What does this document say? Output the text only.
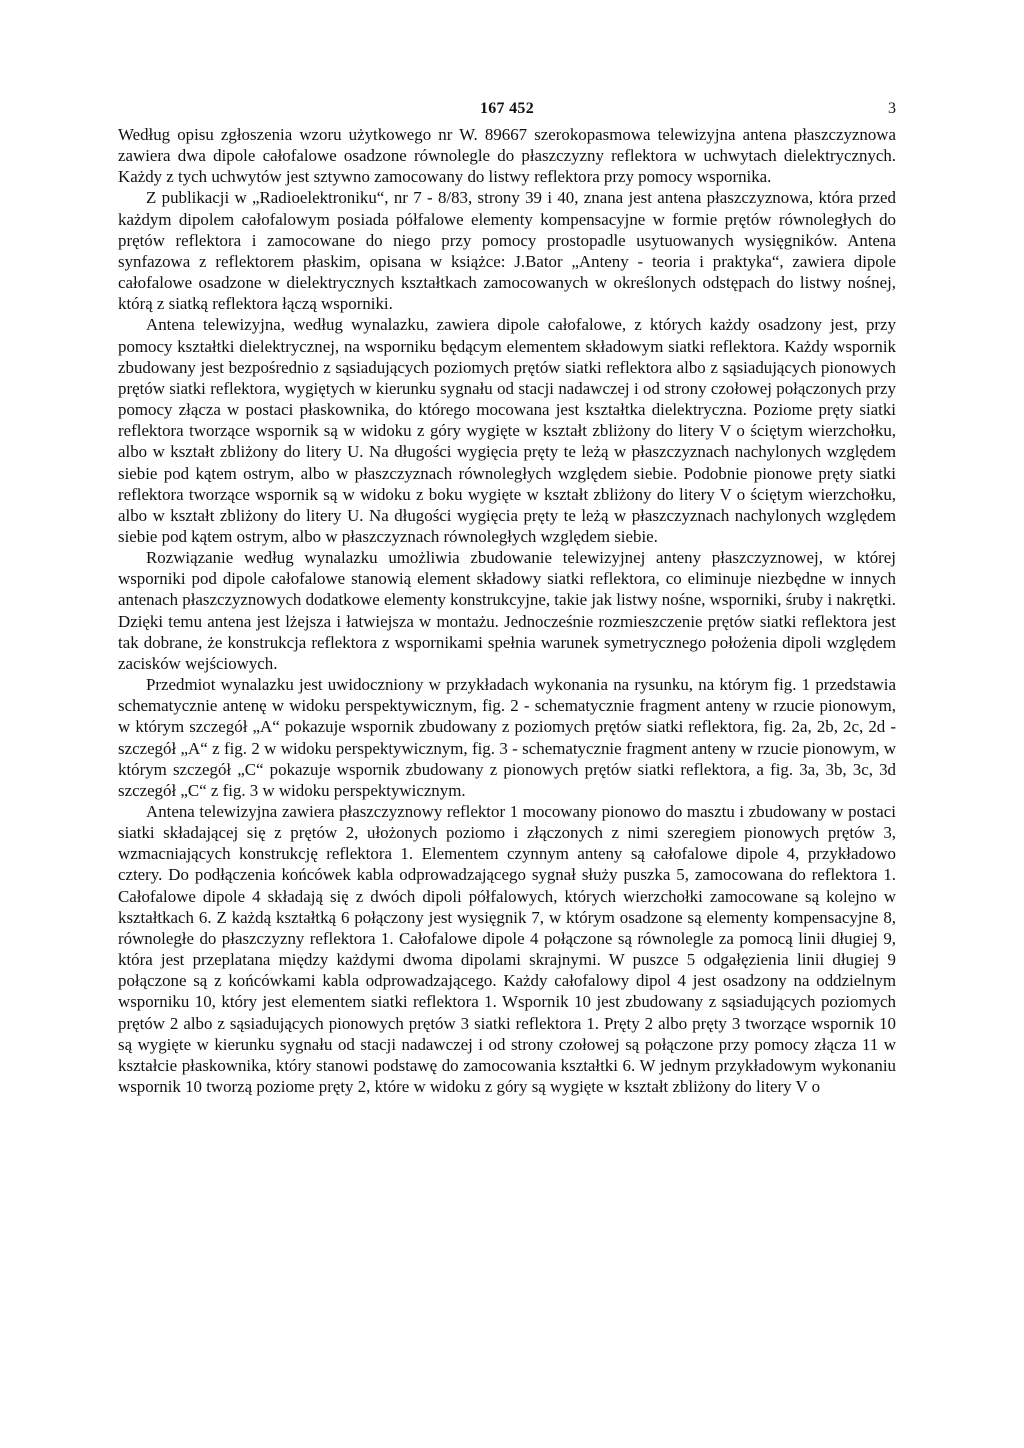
167 452	3

Według opisu zgłoszenia wzoru użytkowego nr W. 89667 szerokopasmowa telewizyjna antena płaszczyznowa zawiera dwa dipole całofalowe osadzone równolegle do płaszczyzny reflektora w uchwytach dielektrycznych. Każdy z tych uchwytów jest sztywno zamocowany do listwy reflektora przy pomocy wspornika.

Z publikacji w „Radioelektroniku“, nr 7 - 8/83, strony 39 i 40, znana jest antena płaszczyznowa, która przed każdym dipolem całofalowym posiada półfalowe elementy kompensacyjne w formie prętów równoległych do prętów reflektora i zamocowane do niego przy pomocy prostopadle usytuowanych wysięgników. Antena synfazowa z reflektorem płaskim, opisana w książce: J.Bator „Anteny - teoria i praktyka“, zawiera dipole całofalowe osadzone w dielektrycznych kształtkach zamocowanych w określonych odstępach do listwy nośnej, którą z siatką reflektora łączą wsporniki.

Antena telewizyjna, według wynalazku, zawiera dipole całofalowe, z których każdy osadzony jest, przy pomocy kształtki dielektrycznej, na wsporniku będącym elementem składowym siatki reflektora. Każdy wspornik zbudowany jest bezpośrednio z sąsiadujących poziomych prętów siatki reflektora albo z sąsiadujących pionowych prętów siatki reflektora, wygiętych w kierunku sygnału od stacji nadawczej i od strony czołowej połączonych przy pomocy złącza w postaci płaskownika, do którego mocowana jest kształtka dielektryczna. Poziome pręty siatki reflektora tworzące wspornik są w widoku z góry wygięte w kształt zbliżony do litery V o ściętym wierzchołku, albo w kształt zbliżony do litery U. Na długości wygięcia pręty te leżą w płaszczyznach nachylonych względem siebie pod kątem ostrym, albo w płaszczyznach równoległych względem siebie. Podobnie pionowe pręty siatki reflektora tworzące wspornik są w widoku z boku wygięte w kształt zbliżony do litery V o ściętym wierzchołku, albo w kształt zbliżony do litery U. Na długości wygięcia pręty te leżą w płaszczyznach nachylonych względem siebie pod kątem ostrym, albo w płaszczyznach równoległych względem siebie.

Rozwiązanie według wynalazku umożliwia zbudowanie telewizyjnej anteny płaszczyznowej, w której wsporniki pod dipole całofalowe stanowią element składowy siatki reflektora, co eliminuje niezbędne w innych antenach płaszczyznowych dodatkowe elementy konstrukcyjne, takie jak listwy nośne, wsporniki, śruby i nakrętki. Dzięki temu antena jest lżejsza i łatwiejsza w montażu. Jednocześnie rozmieszczenie prętów siatki reflektora jest tak dobrane, że konstrukcja reflektora z wspornikami spełnia warunek symetrycznego położenia dipoli względem zacisków wejściowych.

Przedmiot wynalazku jest uwidoczniony w przykładach wykonania na rysunku, na którym fig. 1 przedstawia schematycznie antenę w widoku perspektywicznym, fig. 2 - schematycznie fragment anteny w rzucie pionowym, w którym szczegół „A“ pokazuje wspornik zbudowany z poziomych prętów siatki reflektora, fig. 2a, 2b, 2c, 2d - szczegół „A“ z fig. 2 w widoku perspektywicznym, fig. 3 - schematycznie fragment anteny w rzucie pionowym, w którym szczegół „C“ pokazuje wspornik zbudowany z pionowych prętów siatki reflektora, a fig. 3a, 3b, 3c, 3d szczegół „C“ z fig. 3 w widoku perspektywicznym.

Antena telewizyjna zawiera płaszczyznowy reflektor 1 mocowany pionowo do masztu i zbudowany w postaci siatki składającej się z prętów 2, ułożonych poziomo i złączonych z nimi szeregiem pionowych prętów 3, wzmacniających konstrukcję reflektora 1. Elementem czynnym anteny są całofalowe dipole 4, przykładowo cztery. Do podłączenia końcówek kabla odprowadzającego sygnał służy puszka 5, zamocowana do reflektora 1. Całofalowe dipole 4 składają się z dwóch dipoli półfalowych, których wierzchołki zamocowane są kolejno w kształtkach 6. Z każdą kształtką 6 połączony jest wysięgnik 7, w którym osadzone są elementy kompensacyjne 8, równoległe do płaszczyzny reflektora 1. Całofalowe dipole 4 połączone są równolegle za pomocą linii długiej 9, która jest przeplatana między każdymi dwoma dipolami skrajnymi. W puszce 5 odgałęzienia linii długiej 9 połączone są z końcówkami kabla odprowadzającego. Każdy całofalowy dipol 4 jest osadzony na oddzielnym wsporniku 10, który jest elementem siatki reflektora 1. Wspornik 10 jest zbudowany z sąsiadujących poziomych prętów 2 albo z sąsiadujących pionowych prętów 3 siatki reflektora 1. Pręty 2 albo pręty 3 tworzące wspornik 10 są wygięte w kierunku sygnału od stacji nadawczej i od strony czołowej są połączone przy pomocy złącza 11 w kształcie płaskownika, który stanowi podstawę do zamocowania kształtki 6. W jednym przykładowym wykonaniu wspornik 10 tworzą poziome pręty 2, które w widoku z góry są wygięte w kształt zbliżony do litery V o
